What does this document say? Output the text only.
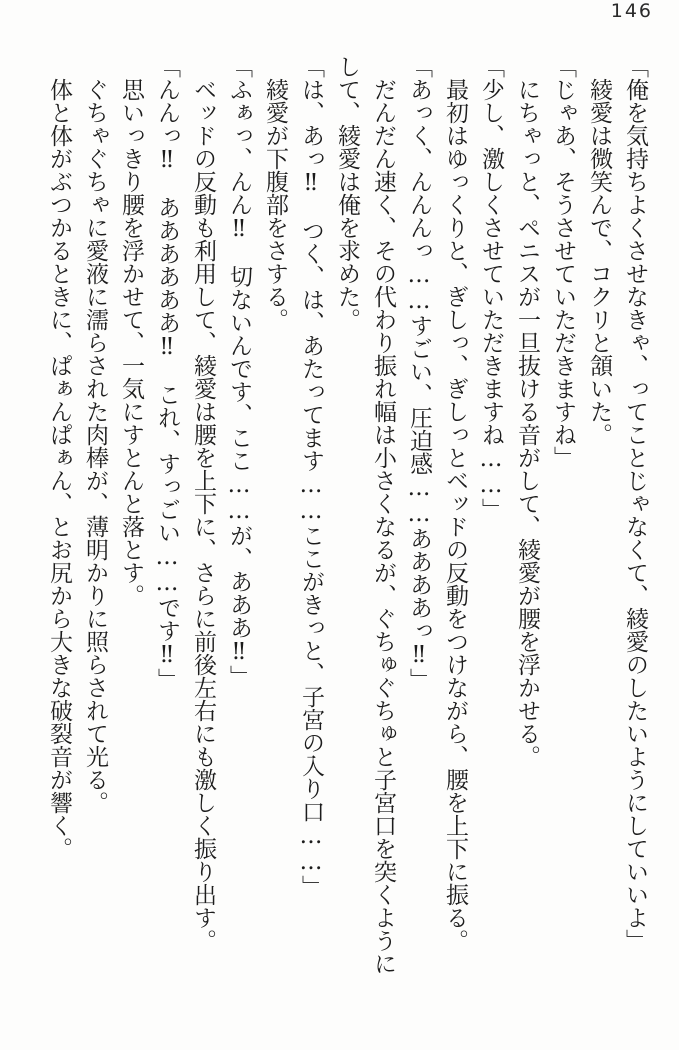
146

「俺を気持ちよくさせなきゃ、ってことじゃなくて、綾愛のしたいようにしていいよ」

綾愛は微笑んで、コクリと頷いた。

「じゃあ、そうさせていただきますね」

にちゃっと、ペニスが一旦抜ける音がして、綾愛が腰を浮かせる。

「少し、激しくさせていただきますね……」

最初はゆっくりと、ぎしっ、ぎしっとベッドの反動をつけながら、腰を上下に振る。

「あっく、んんんっ……すごい、圧迫感……ああああっ‼」

だんだん速く、その代わり振れ幅は小さくなるが、ぐちゅぐちゅと子宮口を突くようにして、綾愛は俺を求めた。

「は、あっ‼　つく、は、あたってます……ここがきっと、子宮の入り口……」

綾愛が下腹部をさする。

「ふぁっ、んん‼　切ないんです、ここ……が、あああ‼」

ベッドの反動も利用して、綾愛は腰を上下に、さらに前後左右にも激しく振り出す。

「んんっ‼　ああああああ‼　これ、すっごい……です‼」

思いっきり腰を浮かせて、一気にすとんと落とす。

ぐちゃぐちゃに愛液に濡らされた肉棒が、薄明かりに照らされて光る。

体と体がぶつかるときに、ぱぁんぱぁん、とお尻から大きな破裂音が響く。
